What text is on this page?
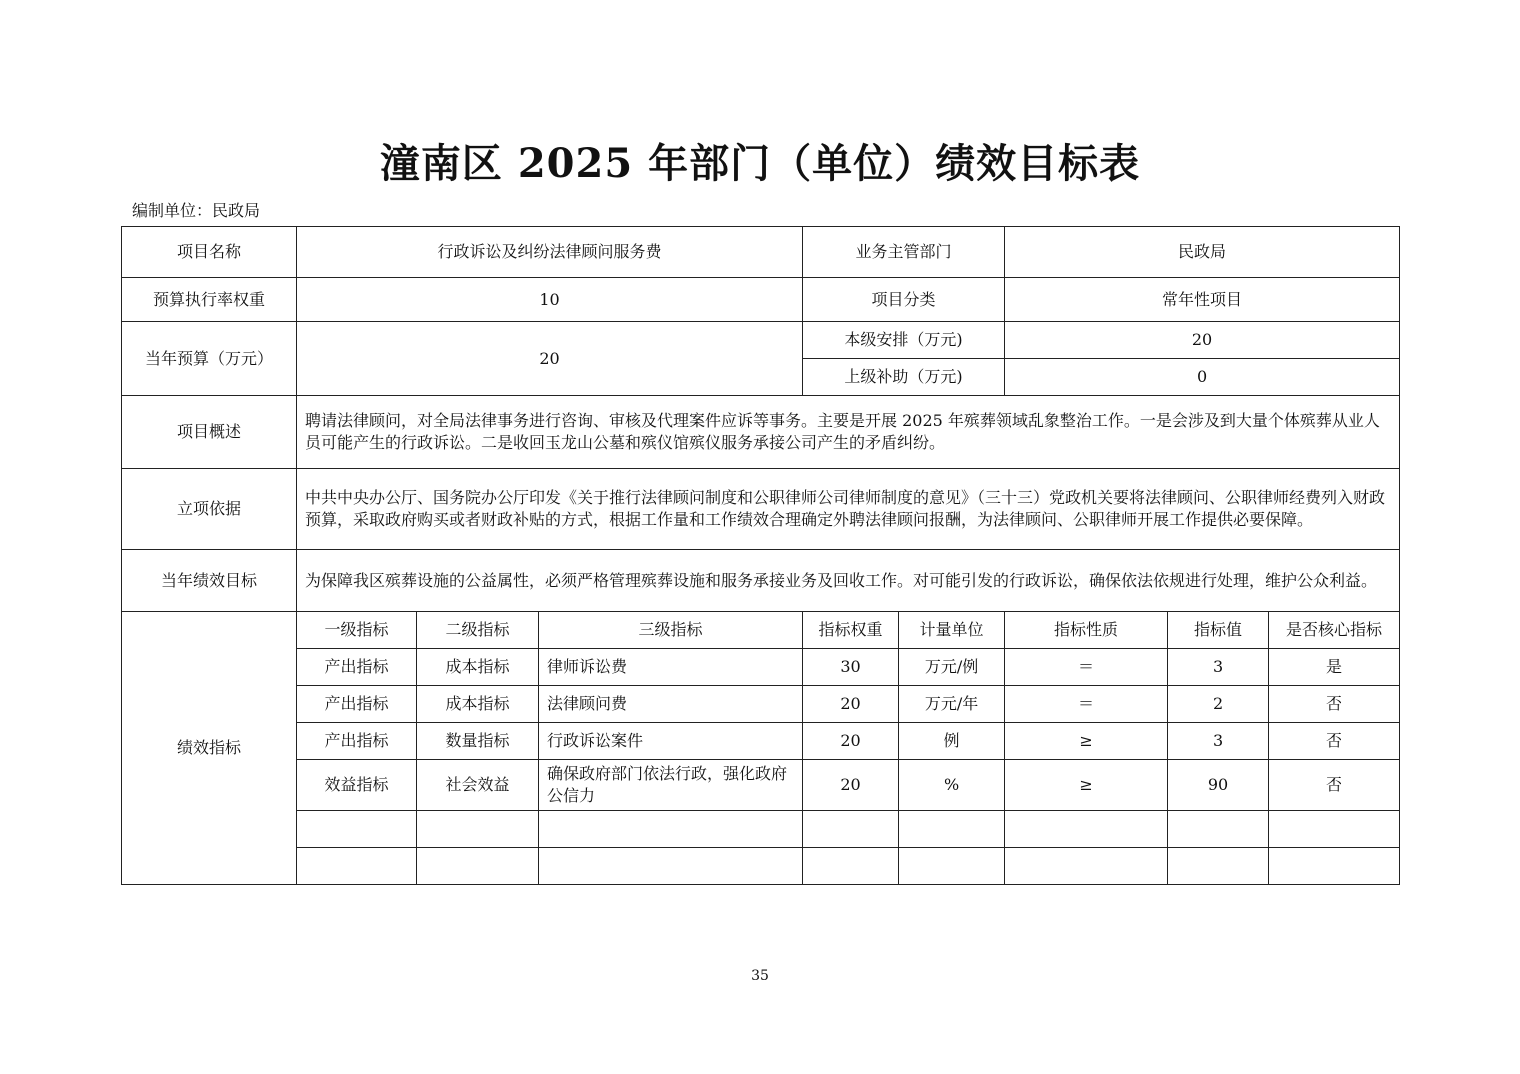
潼南区 2025 年部门（单位）绩效目标表
编制单位：民政局
项目名称	行政诉讼及纠纷法律顾问服务费			业务主管部门		民政局		
预算执行率权重	10			项目分类		常年性项目		
当年预算（万元）	20			本级安排（万元)		20		
				上级补助（万元)		0		
项目概述	聘请法律顾问，对全局法律事务进行咨询、审核及代理案件应诉等事务。主要是开展 2025 年殡葬领域乱象整治工作。一是会涉及到大量个体殡葬从业人员可能产生的行政诉讼。二是收回玉龙山公墓和殡仪馆殡仪服务承接公司产生的矛盾纠纷。							
立项依据	中共中央办公厅、国务院办公厅印发《关于推行法律顾问制度和公职律师公司律师制度的意见》（三十三）党政机关要将法律顾问、公职律师经费列入财政预算，采取政府购买或者财政补贴的方式，根据工作量和工作绩效合理确定外聘法律顾问报酬，为法律顾问、公职律师开展工作提供必要保障。							
当年绩效目标	为保障我区殡葬设施的公益属性，必须严格管理殡葬设施和服务承接业务及回收工作。对可能引发的行政诉讼，确保依法依规进行处理，维护公众利益。							
绩效指标	一级指标	二级指标	三级指标	指标权重	计量单位	指标性质	指标值	是否核心指标
	产出指标	成本指标	律师诉讼费	30	万元/例	＝	3	是
	产出指标	成本指标	法律顾问费	20	万元/年	＝	2	否
	产出指标	数量指标	行政诉讼案件	20	例	≥	3	否
	效益指标	社会效益	确保政府部门依法行政，强化政府公信力	20	%	≥	90	否

35
